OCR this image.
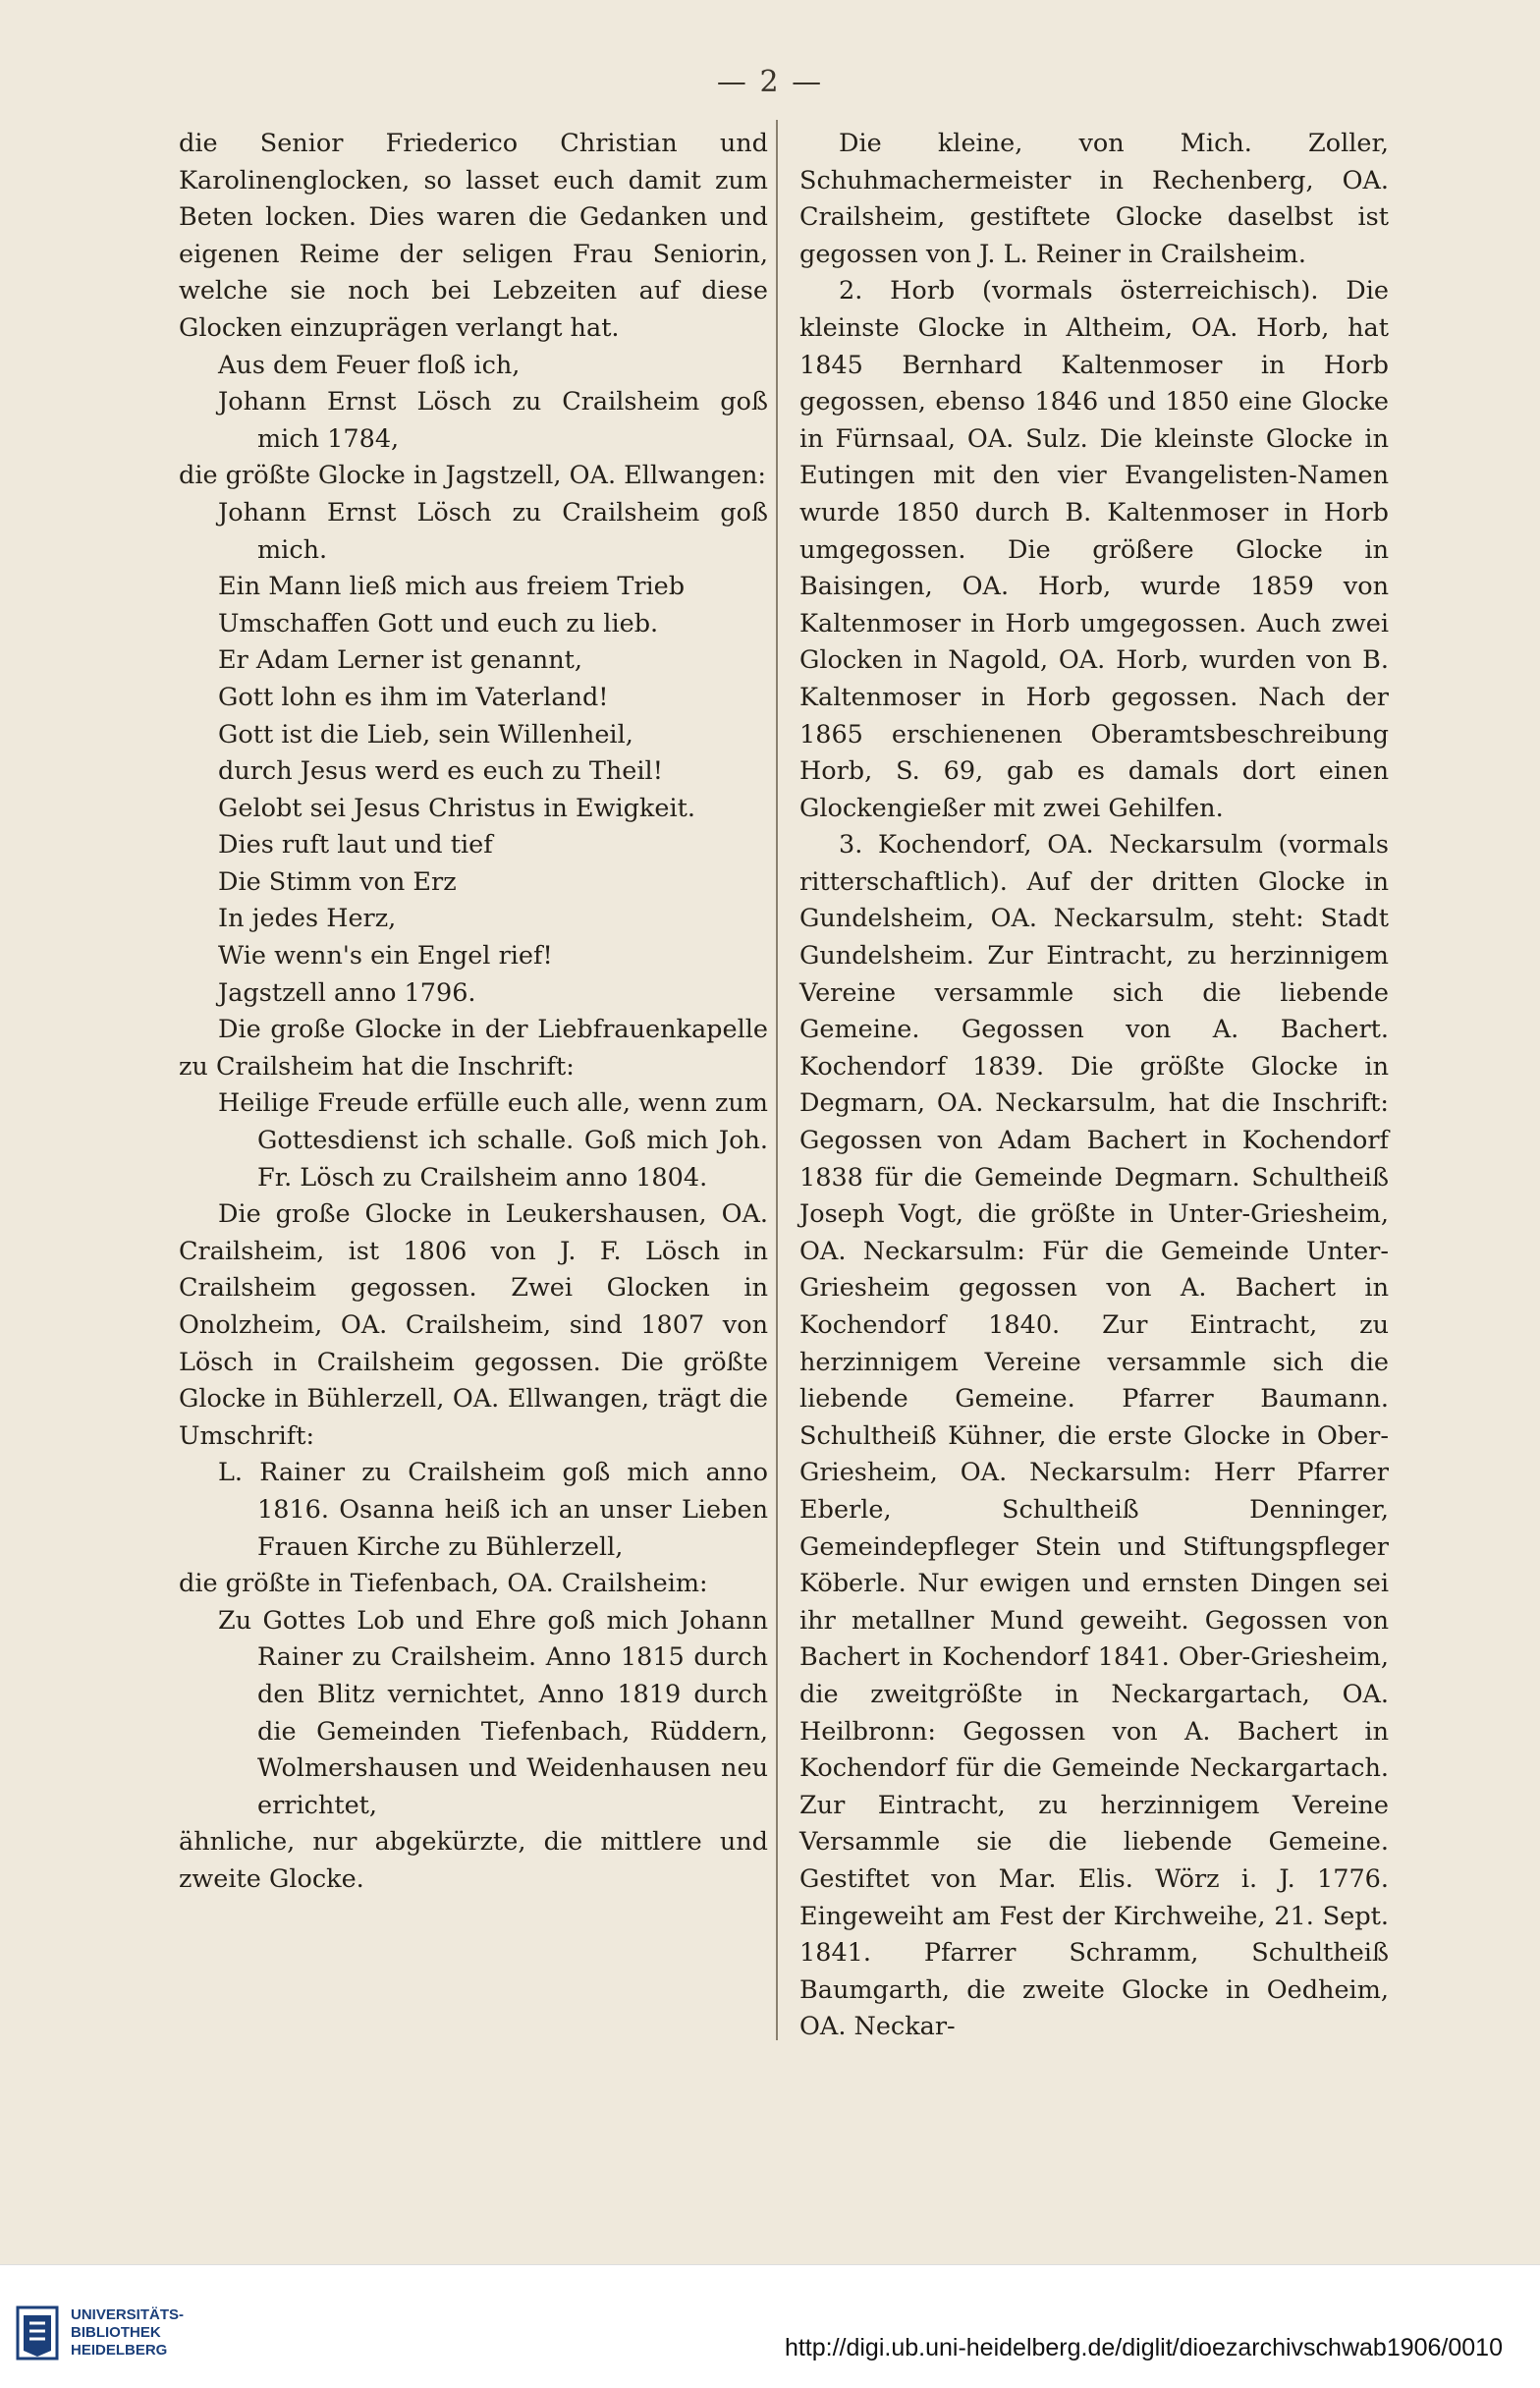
— 2 —

die Senior Friederico Christian und Karolinenglocken, so lasset euch damit zum Beten locken. Dies waren die Gedanken und eigenen Reime der seligen Frau Seniorin, welche sie noch bei Lebzeiten auf diese Glocken einzuprägen verlangt hat.

Aus dem Feuer floß ich,

Johann Ernst Lösch zu Crailsheim goß mich 1784,

die größte Glocke in Jagstzell, OA. Ellwangen:

Johann Ernst Lösch zu Crailsheim goß mich.

Ein Mann ließ mich aus freiem Trieb

Umschaffen Gott und euch zu lieb.

Er Adam Lerner ist genannt,

Gott lohn es ihm im Vaterland!

Gott ist die Lieb, sein Willenheil,

durch Jesus werd es euch zu Theil!

Gelobt sei Jesus Christus in Ewigkeit.

Dies ruft laut und tief

Die Stimm von Erz

In jedes Herz,

Wie wenn's ein Engel rief!

Jagstzell anno 1796.

Die große Glocke in der Liebfrauenkapelle zu Crailsheim hat die Inschrift:

Heilige Freude erfülle euch alle, wenn zum Gottesdienst ich schalle. Goß mich Joh. Fr. Lösch zu Crailsheim anno 1804.

Die große Glocke in Leukershausen, OA. Crailsheim, ist 1806 von J. F. Lösch in Crailsheim gegossen. Zwei Glocken in Onolzheim, OA. Crailsheim, sind 1807 von Lösch in Crailsheim gegossen. Die größte Glocke in Bühlerzell, OA. Ellwangen, trägt die Umschrift:

L. Rainer zu Crailsheim goß mich anno 1816. Osanna heiß ich an unser Lieben Frauen Kirche zu Bühlerzell,

die größte in Tiefenbach, OA. Crailsheim:

Zu Gottes Lob und Ehre goß mich Johann Rainer zu Crailsheim. Anno 1815 durch den Blitz vernichtet, Anno 1819 durch die Gemeinden Tiefenbach, Rüddern, Wolmershausen und Weidenhausen neu errichtet,

ähnliche, nur abgekürzte, die mittlere und zweite Glocke.

Die kleine, von Mich. Zoller, Schuhmachermeister in Rechenberg, OA. Crailsheim, gestiftete Glocke daselbst ist gegossen von J. L. Reiner in Crailsheim.

2. Horb (vormals österreichisch). Die kleinste Glocke in Altheim, OA. Horb, hat 1845 Bernhard Kaltenmoser in Horb gegossen, ebenso 1846 und 1850 eine Glocke in Fürnsaal, OA. Sulz. Die kleinste Glocke in Eutingen mit den vier Evangelisten-Namen wurde 1850 durch B. Kaltenmoser in Horb umgegossen. Die größere Glocke in Baisingen, OA. Horb, wurde 1859 von Kaltenmoser in Horb umgegossen. Auch zwei Glocken in Nagold, OA. Horb, wurden von B. Kaltenmoser in Horb gegossen. Nach der 1865 erschienenen Oberamtsbeschreibung Horb, S. 69, gab es damals dort einen Glockengießer mit zwei Gehilfen.

3. Kochendorf, OA. Neckarsulm (vormals ritterschaftlich). Auf der dritten Glocke in Gundelsheim, OA. Neckarsulm, steht: Stadt Gundelsheim. Zur Eintracht, zu herzinnigem Vereine versammle sich die liebende Gemeine. Gegossen von A. Bachert. Kochendorf 1839. Die größte Glocke in Degmarn, OA. Neckarsulm, hat die Inschrift: Gegossen von Adam Bachert in Kochendorf 1838 für die Gemeinde Degmarn. Schultheiß Joseph Vogt, die größte in Unter-Griesheim, OA. Neckarsulm: Für die Gemeinde Unter-Griesheim gegossen von A. Bachert in Kochendorf 1840. Zur Eintracht, zu herzinnigem Vereine versammle sich die liebende Gemeine. Pfarrer Baumann. Schultheiß Kühner, die erste Glocke in Ober-Griesheim, OA. Neckarsulm: Herr Pfarrer Eberle, Schultheiß Denninger, Gemeindepfleger Stein und Stiftungspfleger Köberle. Nur ewigen und ernsten Dingen sei ihr metallner Mund geweiht. Gegossen von Bachert in Kochendorf 1841. Ober-Griesheim, die zweitgrößte in Neckargartach, OA. Heilbronn: Gegossen von A. Bachert in Kochendorf für die Gemeinde Neckargartach. Zur Eintracht, zu herzinnigem Vereine Versammle sie die liebende Gemeine. Gestiftet von Mar. Elis. Wörz i. J. 1776. Eingeweiht am Fest der Kirchweihe, 21. Sept. 1841. Pfarrer Schramm, Schultheiß Baumgarth, die zweite Glocke in Oedheim, OA. Neckar-

UNIVERSITÄTS-
BIBLIOTHEK
HEIDELBERG	http://digi.ub.uni-heidelberg.de/diglit/dioezarchivschwab1906/0010
